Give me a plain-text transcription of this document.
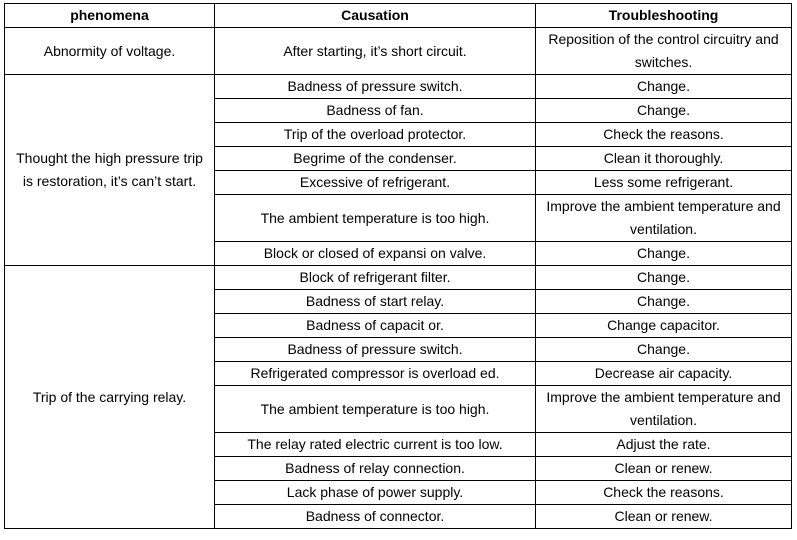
phenomena	Causation	Troubleshooting
Abnormity of voltage.	After starting, it’s short circuit.	Reposition of the control circuitry and switches.
Thought the high pressure trip is restoration, it’s can’t start.	Badness of pressure switch.	Change.
	Badness of fan.	Change.
	Trip of the overload protector.	Check the reasons.
	Begrime of the condenser.	Clean it thoroughly.
	Excessive of refrigerant.	Less some refrigerant.
	The ambient temperature is too high.	Improve the ambient temperature and ventilation.
	Block or closed of expansi on valve.	Change.
Trip of the carrying relay.	Block of refrigerant filter.	Change.
	Badness of start relay.	Change.
	Badness of capacit or.	Change capacitor.
	Badness of pressure switch.	Change.
	Refrigerated compressor is overload ed.	Decrease air capacity.
	The ambient temperature is too high.	Improve the ambient temperature and ventilation.
	The relay rated electric current is too low.	Adjust the rate.
	Badness of relay connection.	Clean or renew.
	Lack phase of power supply.	Check the reasons.
	Badness of connector.	Clean or renew.
